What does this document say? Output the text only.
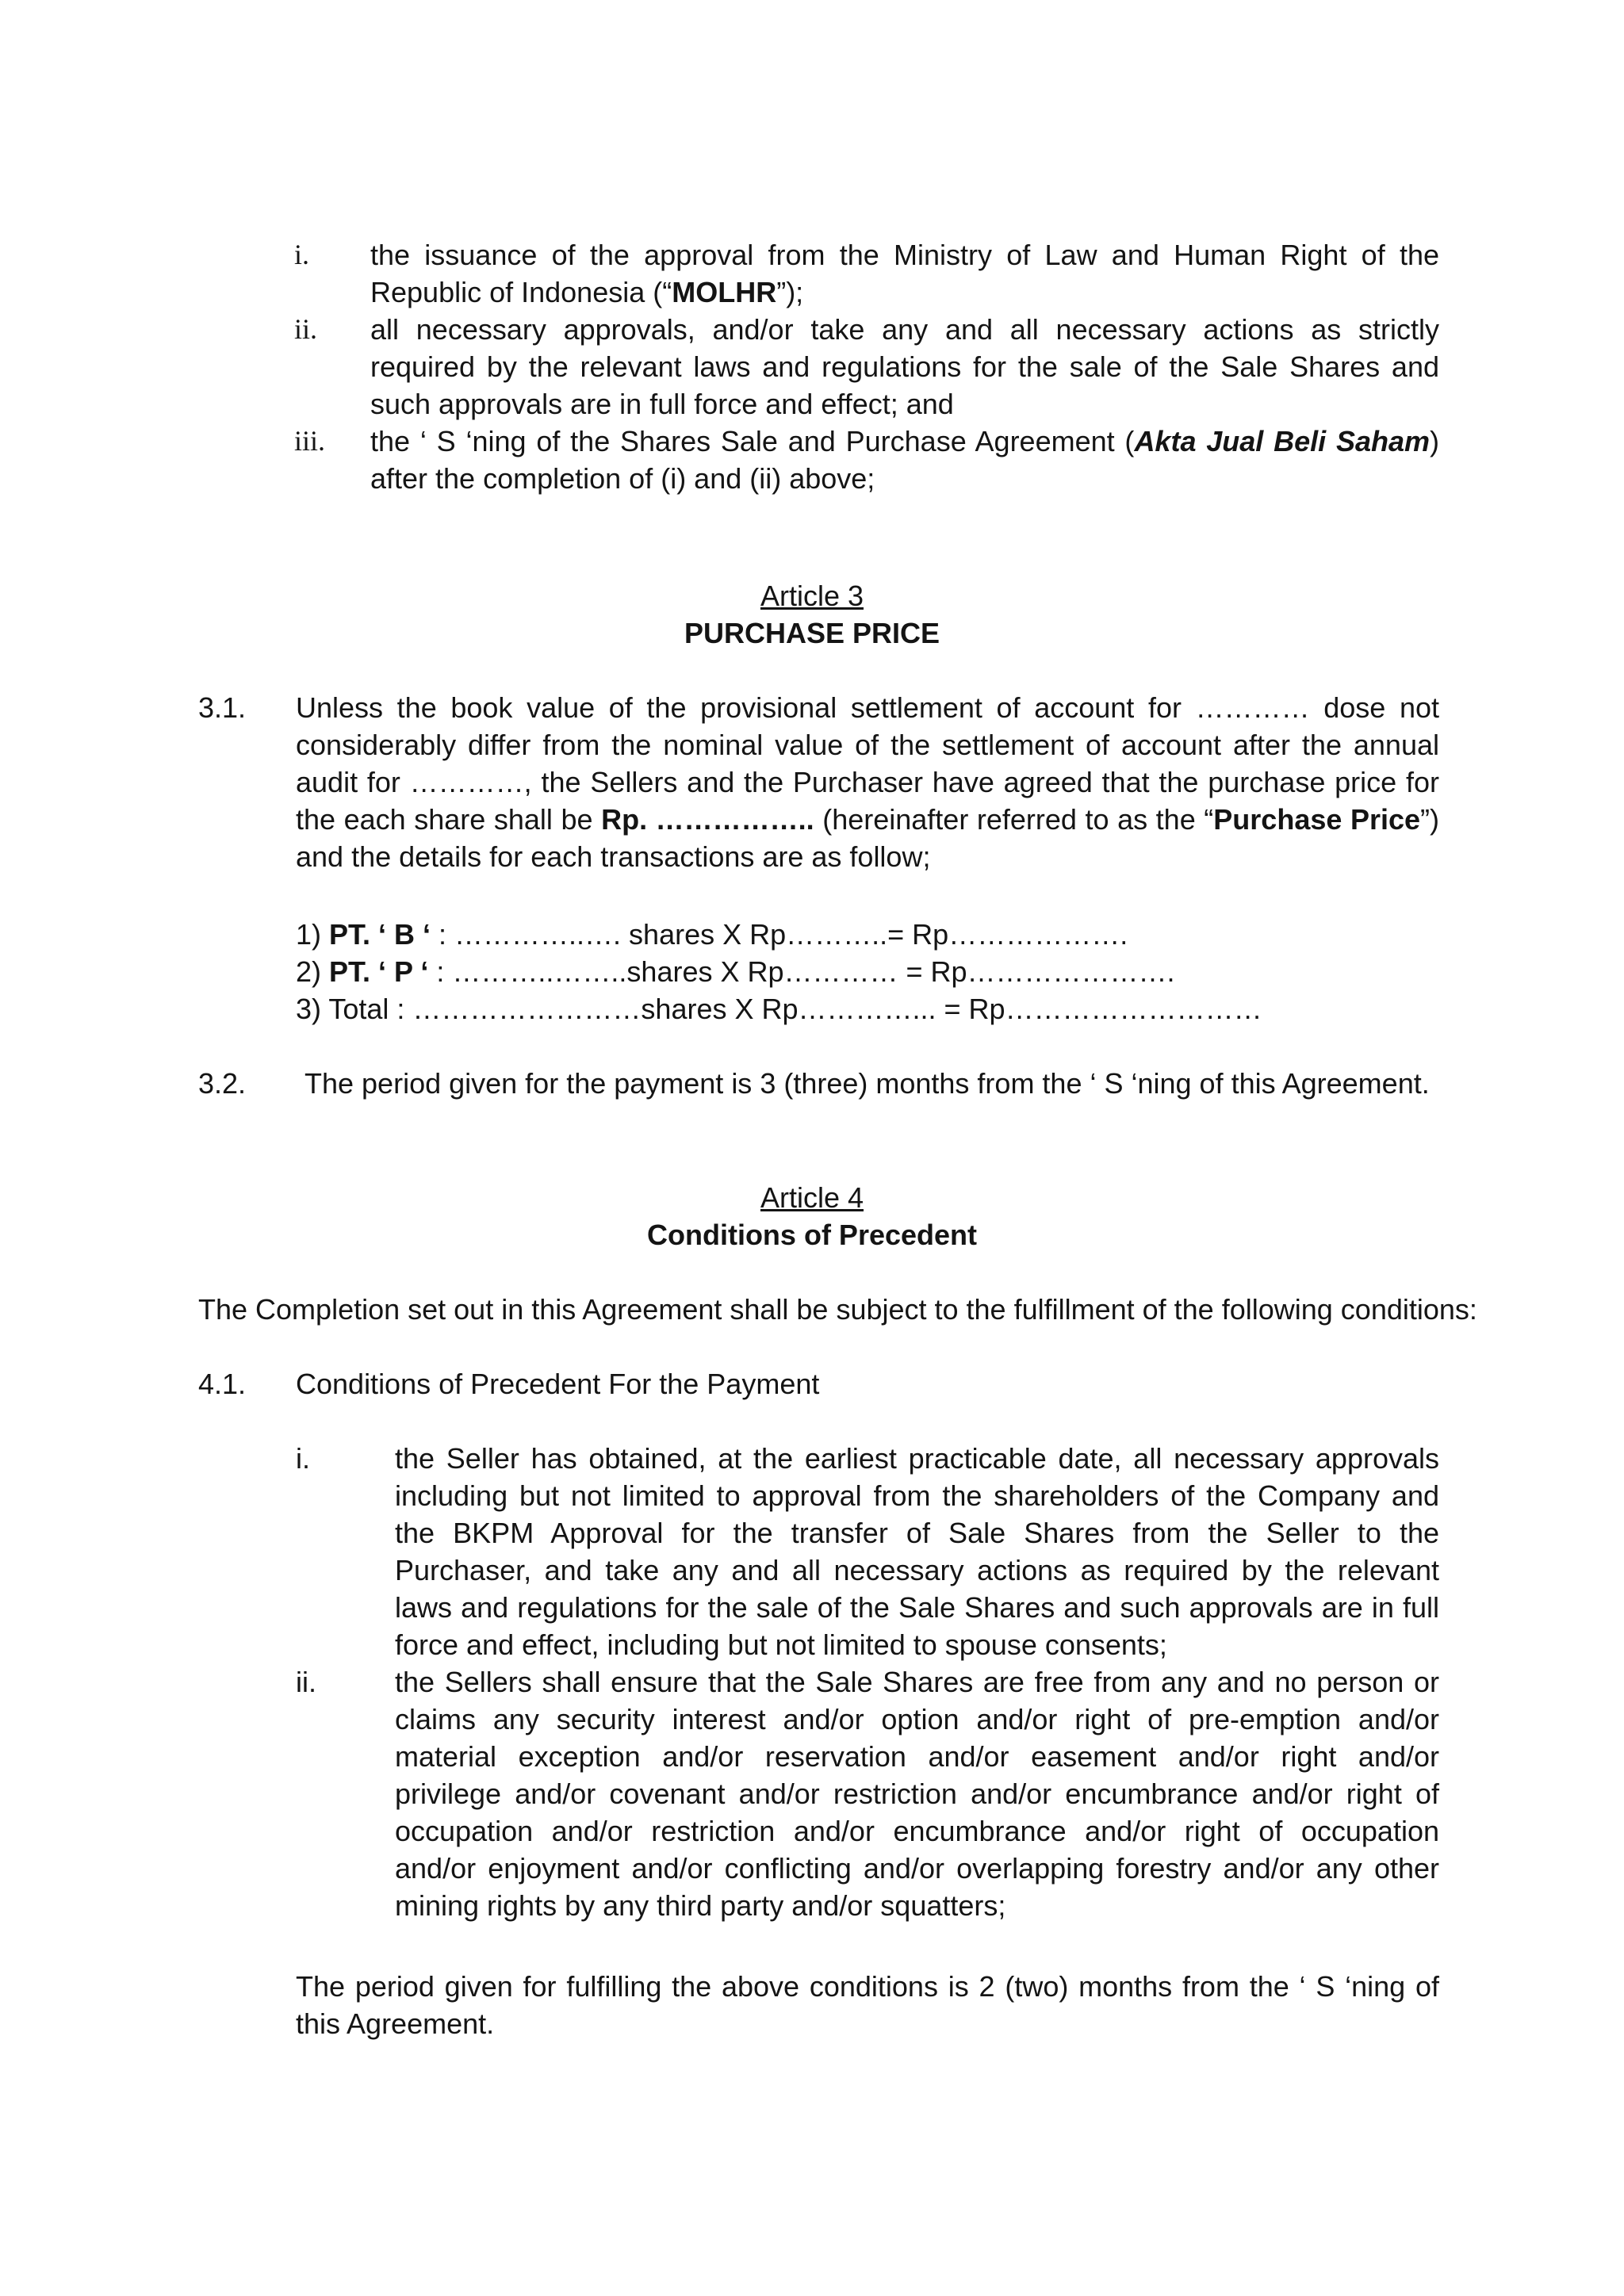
i. the issuance of the approval from the Ministry of Law and Human Right of the Republic of Indonesia (“MOLHR”);
ii. all necessary approvals, and/or take any and all necessary actions as strictly required by the relevant laws and regulations for the sale of the Sale Shares and such approvals are in full force and effect; and
iii. the ‘ S ‘ning of the Shares Sale and Purchase Agreement (Akta Jual Beli Saham) after the completion of (i) and (ii) above;
Article 3
PURCHASE PRICE
3.1. Unless the book value of the provisional settlement of account for ………… dose not considerably differ from the nominal value of the settlement of account after the annual audit for …………, the Sellers and the Purchaser have agreed that the purchase price for the each share shall be Rp. …………….. (hereinafter referred to as the “Purchase Price”) and the details for each transactions are as follow;
1) PT. ‘ B ‘ : …………..…. shares X Rp………..= Rp……………….
2) PT. ‘ P ‘ : ………..……..shares X Rp………… = Rp………………….
3) Total : ……………………shares X Rp…………... = Rp………………………
3.2. The period given for the payment is 3 (three) months from the ‘ S ‘ning of this Agreement.
Article 4
Conditions of Precedent
The Completion set out in this Agreement shall be subject to the fulfillment of the following conditions:
4.1. Conditions of Precedent For the Payment
i.	the Seller has obtained, at the earliest practicable date, all necessary approvals including but not limited to approval from the shareholders of the Company and the BKPM Approval for the transfer of Sale Shares from the Seller to the Purchaser, and take any and all necessary actions as required by the relevant laws and regulations for the sale of the Sale Shares and such approvals are in full force and effect, including but not limited to spouse consents;
ii.	the Sellers shall ensure that the Sale Shares are free from any and no person or claims any security interest and/or option and/or right of pre-emption and/or material exception and/or reservation and/or easement and/or right and/or privilege and/or covenant and/or restriction and/or encumbrance and/or right of occupation and/or restriction and/or encumbrance and/or right of occupation and/or enjoyment and/or conflicting and/or overlapping forestry and/or any other mining rights by any third party and/or squatters;
The period given for fulfilling the above conditions is 2 (two) months from the ‘ S ‘ning of this Agreement.
